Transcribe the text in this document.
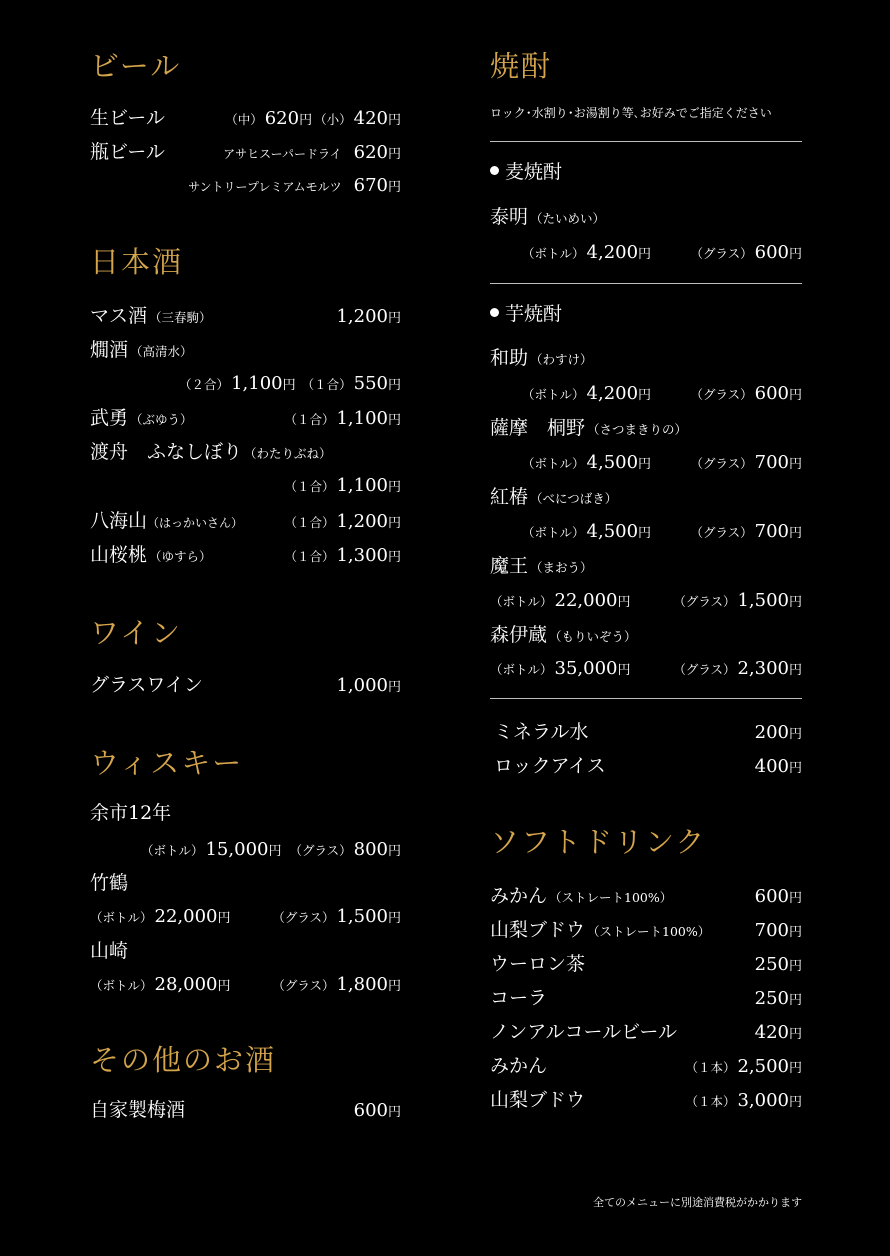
ビール
生ビール	（中） 620 円 （小） 420 円
瓶ビール	アサヒスーパードライ 620 円
サントリープレミアムモルツ 670 円
日本酒
マス酒 （三春駒）	1,200 円
燗酒 （高清水）
（２合） 1,100 円 （１合） 550 円
武勇 （ぶゆう）	（１合） 1,100 円
渡舟　ふなしぼり （わたりぶね）
（１合） 1,100 円
八海山 （はっかいさん）	（１合） 1,200 円
山桜桃 （ゆすら）	（１合） 1,300 円
ワイン
グラスワイン	1,000 円
ウィスキー
余市12年
（ボトル） 15,000 円 （グラス） 800 円
竹鶴
（ボトル） 22,000 円	（グラス） 1,500 円
山崎
（ボトル） 28,000 円	（グラス） 1,800 円
その他のお酒
自家製梅酒	600 円
焼酎
ロック･水割り･お湯割り等､お好みでご指定ください
麦焼酎
泰明 （たいめい）
（ボトル） 4,200 円	（グラス） 600 円
芋焼酎
和助 （わすけ）
（ボトル） 4,200 円	（グラス） 600 円
薩摩　桐野 （さつまきりの）
（ボトル） 4,500 円	（グラス） 700 円
紅椿 （べにつばき）
（ボトル） 4,500 円	（グラス） 700 円
魔王 （まおう）
（ボトル） 22,000 円	（グラス） 1,500 円
森伊蔵 （もりいぞう）
（ボトル） 35,000 円	（グラス） 2,300 円
ミネラル水	200 円
ロックアイス	400 円
ソフトドリンク
みかん （ストレート100%）	600 円
山梨ブドウ （ストレート100%） 700 円
ウーロン茶	250 円
コーラ	250 円
ノンアルコールビール	420 円
みかん	（１本） 2,500 円
山梨ブドウ	（１本） 3,000 円
全てのメニューに別途消費税がかかります
